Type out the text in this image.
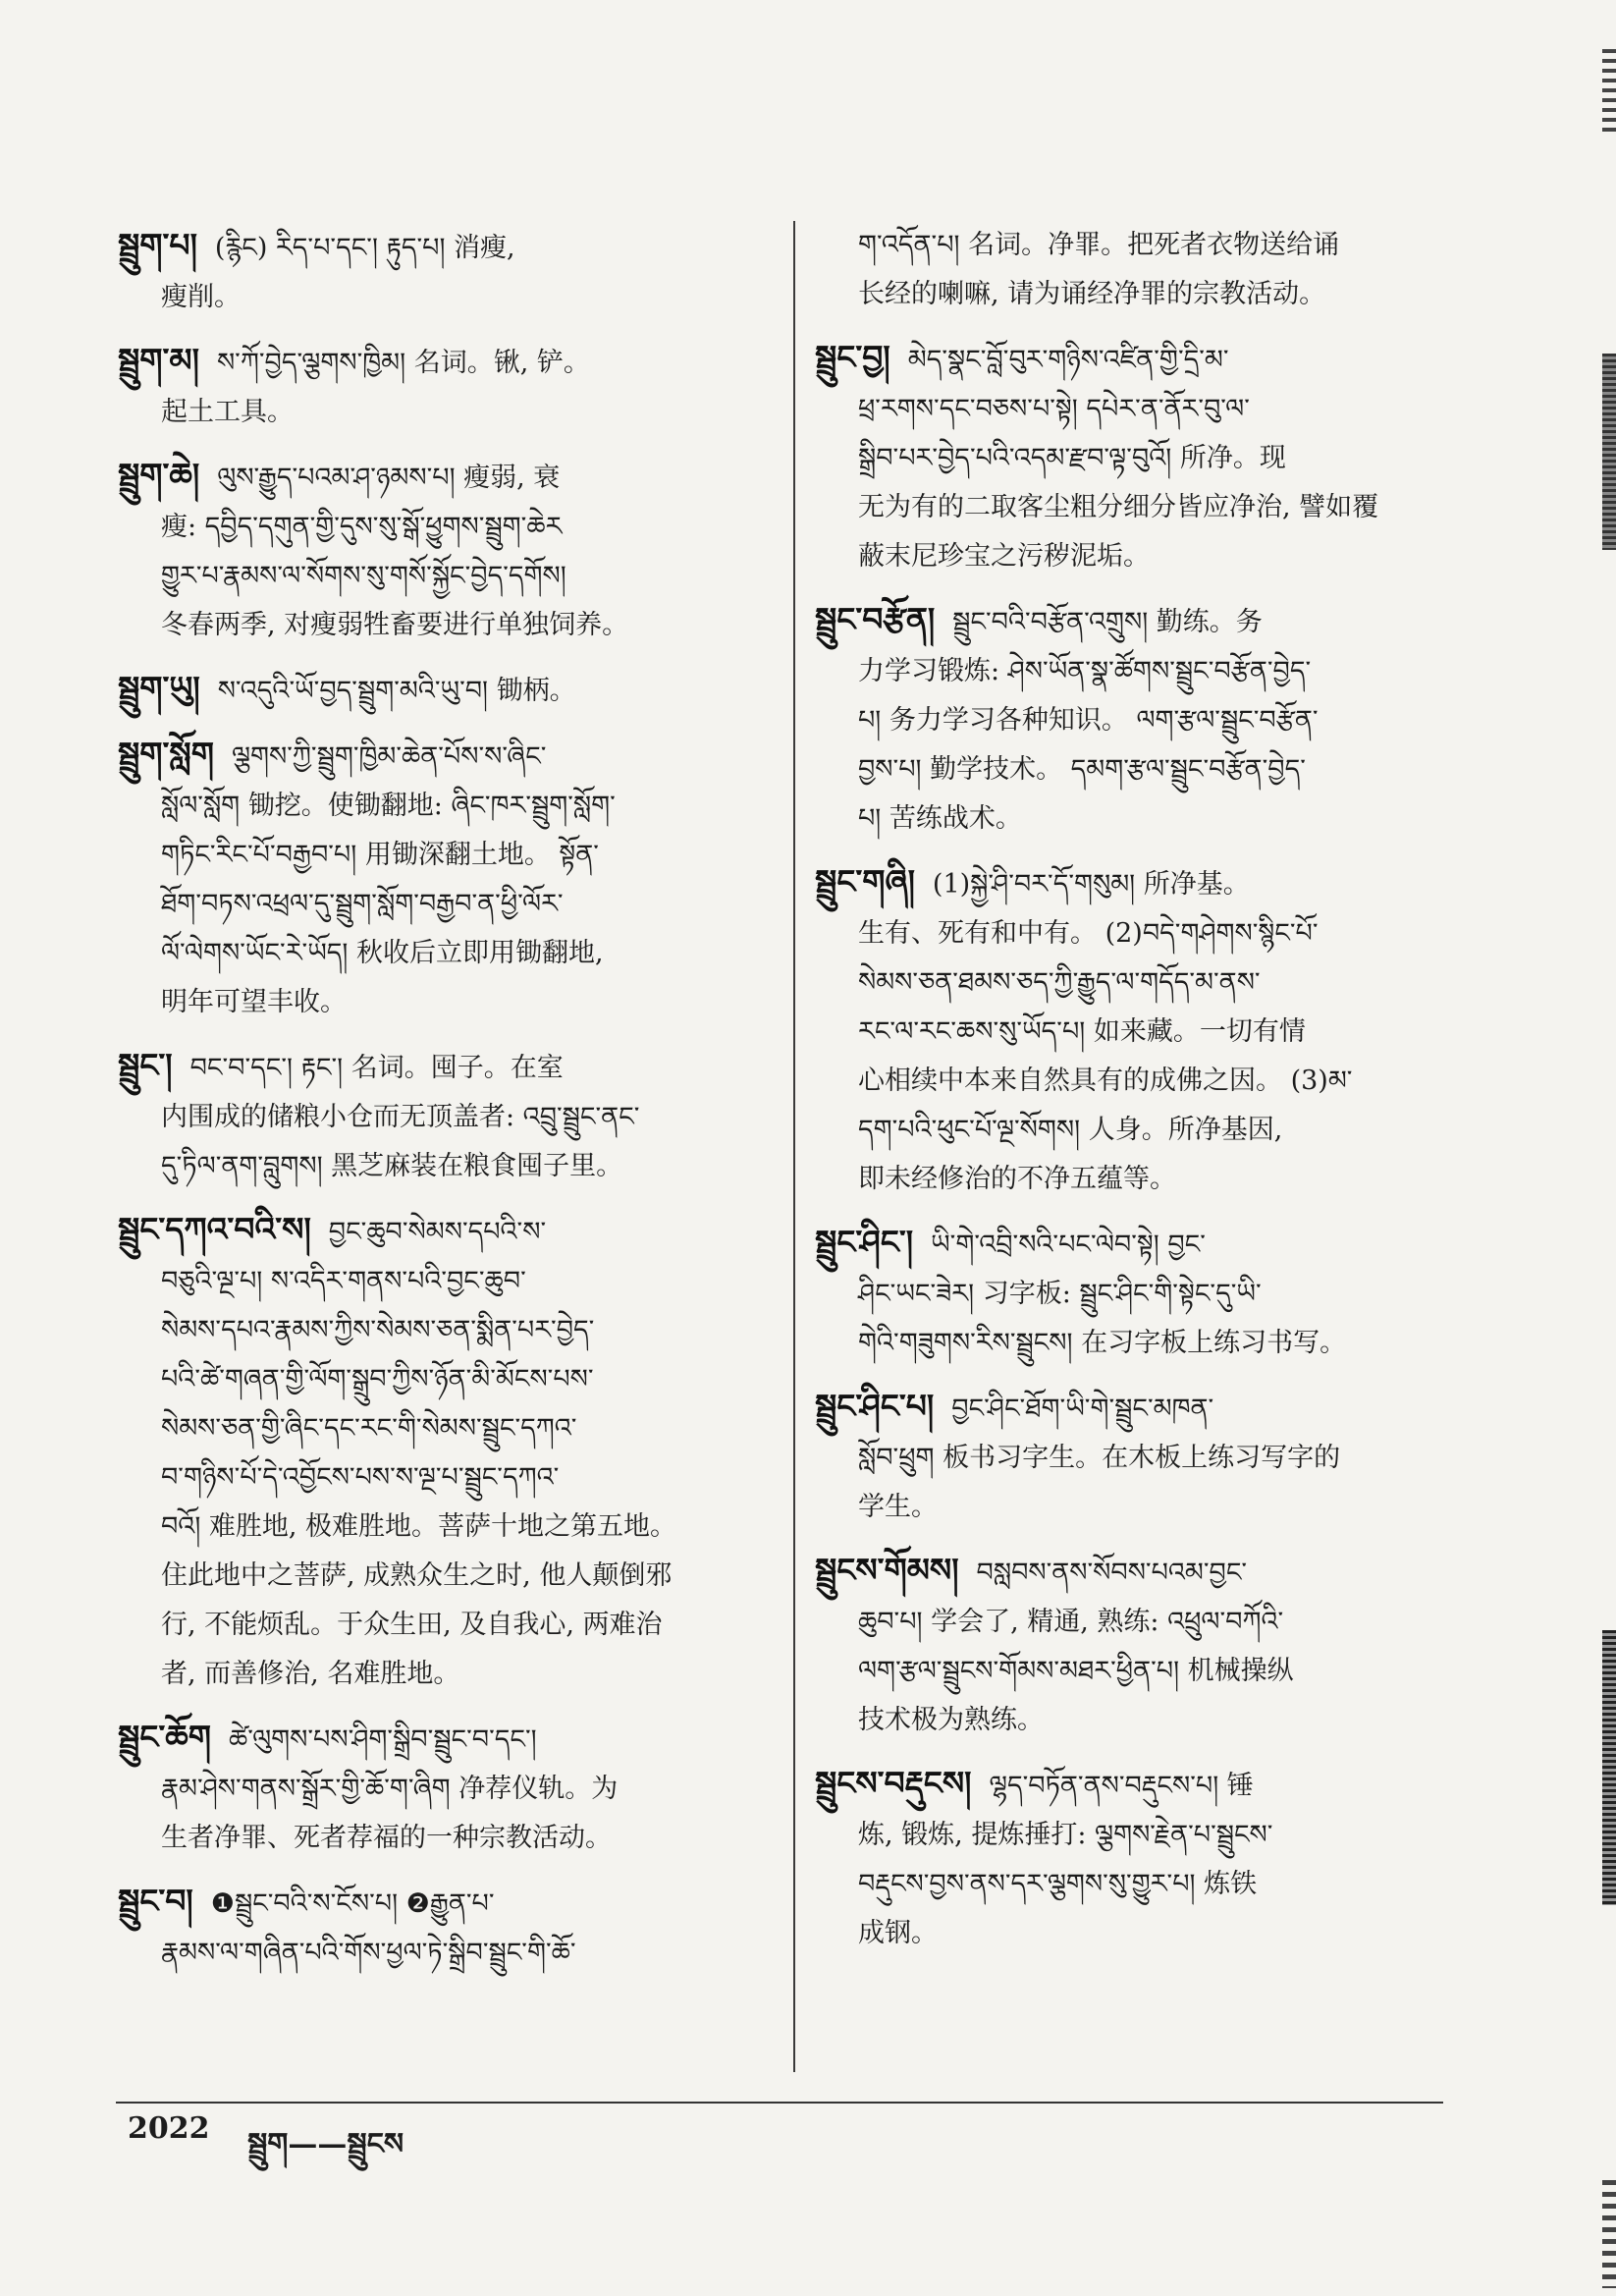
སྦྲུག་པ། (རྙིང) རིད་པ་དང་། རྟུད་པ། 消瘦,
瘦削。
སྦྲུག་མ། ས་ཀོ་བྱེད་ལྕགས་ཁྱིམ། 名词。锹, 铲。
起土工具。
སྦྲུག་ཆེ། ལུས་རྒྱུད་པའམ་ཤ་ཉམས་པ། 瘦弱, 衰
瘦: དབྱིད་དགུན་གྱི་དུས་སུ་སྒོ་ཕྱུགས་སྦྲུག་ཆེར
གྱུར་པ་རྣམས་ལ་སོགས་སུ་གསོ་སྐྱོང་བྱེད་དགོས།
冬春两季, 对瘦弱牲畜要进行单独饲养。
སྦྲུག་ཡུ། ས་འདུའི་ཡོ་བྱད་སྦྲུག་མའི་ཡུ་བ། 锄柄。
སྦྲུག་སློག ལྕགས་ཀྱི་སྦྲུག་ཁྱིམ་ཆེན་པོས་ས་ཞིང་
སློལ་སློག 锄挖。使锄翻地: ཞིང་ཁར་སྦྲུག་སློག་
གཏིང་རིང་པོ་བརྒྱབ་པ། 用锄深翻土地。 སྟོན་
ཐོག་བཏས་འཕྲལ་དུ་སྦྲུག་སློག་བརྒྱབ་ན་ཕྱི་ལོར་
ལོ་ལེགས་ཡོང་རེ་ཡོད། 秋收后立即用锄翻地,
明年可望丰收。
སྦྲུང་། བང་བ་དང་། རྟང་། 名词。囤子。在室
内围成的储粮小仓而无顶盖者: འབྲུ་སྦྲུང་ནང་
དུ་ཏིལ་ནག་བླུགས། 黑芝麻装在粮食囤子里。
སྦྲུང་དཀའ་བའི་ས། བྱང་ཆུབ་སེམས་དཔའི་ས་
བཅུའི་ལྔ་པ། ས་འདིར་གནས་པའི་བྱང་ཆུབ་
སེམས་དཔའ་རྣམས་ཀྱིས་སེམས་ཅན་སྨིན་པར་བྱེད་
པའི་ཚེ་གཞན་གྱི་ལོག་སྒྲུབ་ཀྱིས་ཉོན་མི་མོངས་པས་
སེམས་ཅན་གྱི་ཞིང་དང་རང་གི་སེམས་སྦྲུང་དཀའ་
བ་གཉིས་པོ་དེ་འབྱོངས་པས་ས་ལྔ་པ་སྦྲུང་དཀའ་
བའོ། 难胜地, 极难胜地。菩萨十地之第五地。
住此地中之菩萨, 成熟众生之时, 他人颠倒邪
行, 不能烦乱。于众生田, 及自我心, 两难治
者, 而善修治, 名难胜地。
སྦྲུང་ཆོག ཚེ་ལུགས་པས་ཤིག་སྒྲིབ་སྦྲུང་བ་དང་།
རྣམ་ཤེས་གནས་སྒྲོར་གྱི་ཆོ་ག་ཞིག 净荐仪轨。为
生者净罪、死者荐福的一种宗教活动。
སྦྲུང་བ། ❶སྦྲུང་བའི་ས་ངོས་པ། ❷རྒྱུན་པ་
རྣམས་ལ་གཞིན་པའི་གོས་ཕྱལ་ཏེ་སྒྲིབ་སྦྲུང་གི་ཆོ་
ག་འདོན་པ། 名词。净罪。把死者衣物送给诵
长经的喇嘛, 请为诵经净罪的宗教活动。
སྦྲུང་བྱ། མེད་སྣང་བློ་བུར་གཉིས་འཛིན་གྱི་དྲི་མ་
ཕྲ་རགས་དང་བཅས་པ་སྟེ། དཔེར་ན་ནོར་བུ་ལ་
སྒྲིབ་པར་བྱེད་པའི་འདམ་རྫབ་ལྟ་བུའོ། 所净。现
无为有的二取客尘粗分细分皆应净治, 譬如覆
蔽末尼珍宝之污秽泥垢。
སྦྲུང་བརྩོན། སྦྲུང་བའི་བརྩོན་འགྲུས། 勤练。务
力学习锻炼: ཤེས་ཡོན་སྣ་ཚོགས་སྦྲུང་བརྩོན་བྱེད་
པ། 务力学习各种知识。 ལག་རྩལ་སྦྲུང་བརྩོན་
བྱས་པ། 勤学技术。 དམག་རྩལ་སྦྲུང་བརྩོན་བྱེད་
པ། 苦练战术。
སྦྲུང་གཞི། (1)སྐྱེ་ཤི་བར་དོ་གསུམ། 所净基。
生有、死有和中有。 (2)བདེ་གཤེགས་སྙིང་པོ་
སེམས་ཅན་ཐམས་ཅད་ཀྱི་རྒྱུད་ལ་གདོད་མ་ནས་
རང་ལ་རང་ཆས་སུ་ཡོད་པ། 如来藏。一切有情
心相续中本来自然具有的成佛之因。 (3)མ་
དག་པའི་ཕུང་པོ་ལྔ་སོགས། 人身。所净基因,
即未经修治的不净五蕴等。
སྦྲུང་ཤིང་། ཡི་གེ་འབྲི་སའི་པང་ལེབ་སྟེ། བྱང་
ཤིང་ཡང་ཟེར། 习字板: སྦྲུང་ཤིང་གི་སྟེང་དུ་ཡི་
གེའི་གཟུགས་རིས་སྦྲུངས། 在习字板上练习书写。
སྦྲུང་ཤིང་པ། བྱང་ཤིང་ཐོག་ཡི་གེ་སྦྲུང་མཁན་
སློབ་ཕྲུག 板书习字生。在木板上练习写字的
学生。
སྦྲུངས་གོམས། བསླབས་ནས་སོབས་པའམ་བྱང་
ཆུབ་པ། 学会了, 精通, 熟练: འཕྲུལ་བཀོའི་
ལག་རྩལ་སྦྲུངས་གོམས་མཐར་ཕྱིན་པ། 机械操纵
技术极为熟练。
སྦྲུངས་བརྡུངས། ལྷད་བཏོན་ནས་བརྡུངས་པ། 锤
炼, 锻炼, 提炼捶打: ལྕགས་རྗེན་པ་སྦྲུངས་
བརྡུངས་བྱས་ནས་དར་ལྕགས་སུ་གྱུར་པ། 炼铁
成钢。
2022 སྦྲུག——སྦྲུངས
